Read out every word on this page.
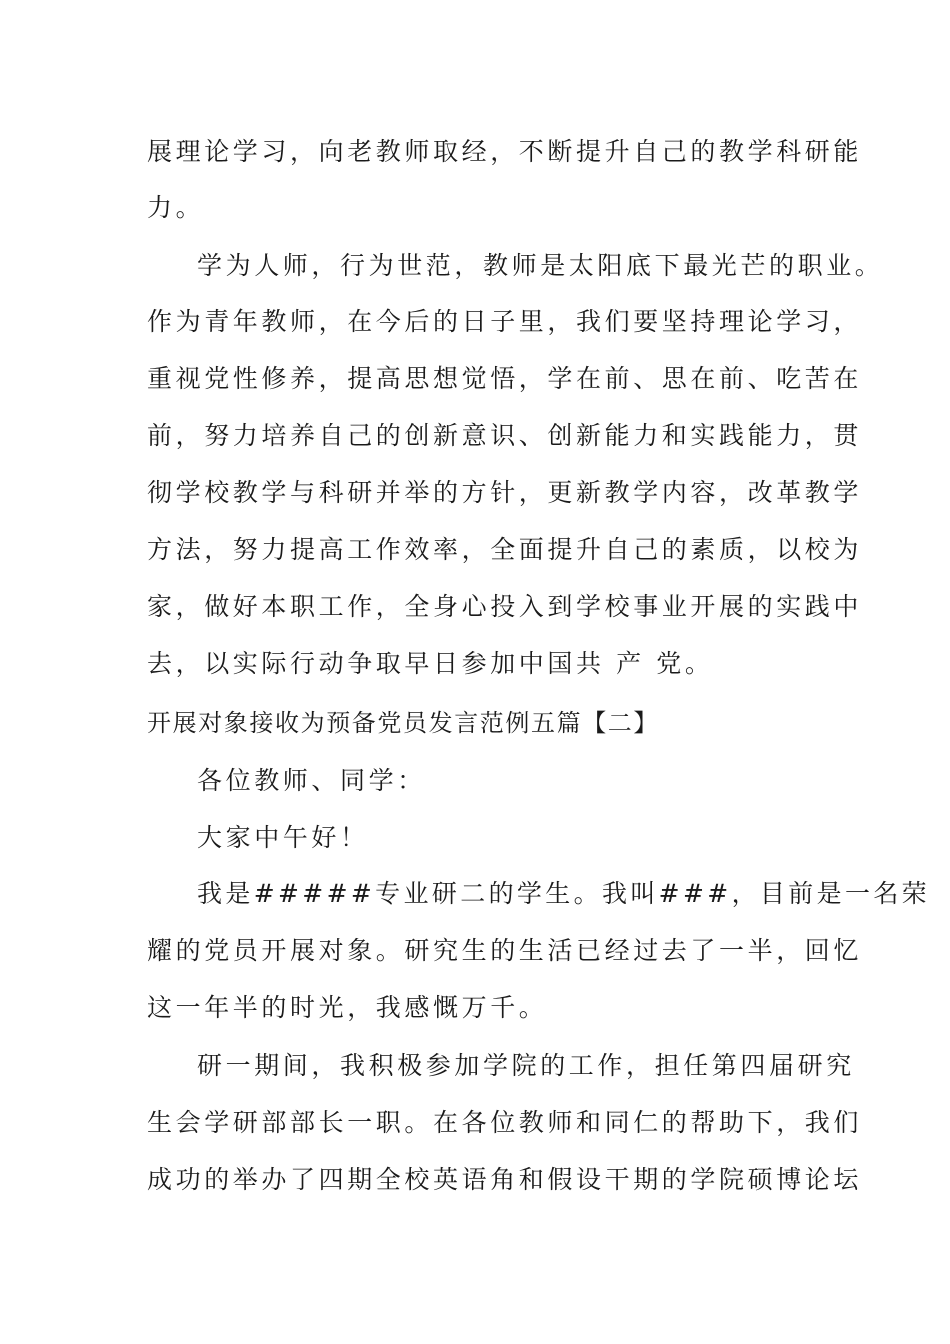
展理论学习，向老教师取经，不断提升自己的教学科研能
力。
学为人师，行为世范，教师是太阳底下最光芒的职业。
作为青年教师，在今后的日子里，我们要坚持理论学习，
重视党性修养，提高思想觉悟，学在前、思在前、吃苦在
前，努力培养自己的创新意识、创新能力和实践能力，贯
彻学校教学与科研并举的方针，更新教学内容，改革教学
方法，努力提高工作效率，全面提升自己的素质，以校为
家，做好本职工作，全身心投入到学校事业开展的实践中
去，以实际行动争取早日参加中国共 产 党。
开展对象接收为预备党员发言范例五篇【二】
各位教师、同学：
大家中午好！
我是#####专业研二的学生。我叫###，目前是一名荣
耀的党员开展对象。研究生的生活已经过去了一半，回忆
这一年半的时光，我感慨万千。
研一期间，我积极参加学院的工作，担任第四届研究
生会学研部部长一职。在各位教师和同仁的帮助下，我们
成功的举办了四期全校英语角和假设干期的学院硕博论坛
